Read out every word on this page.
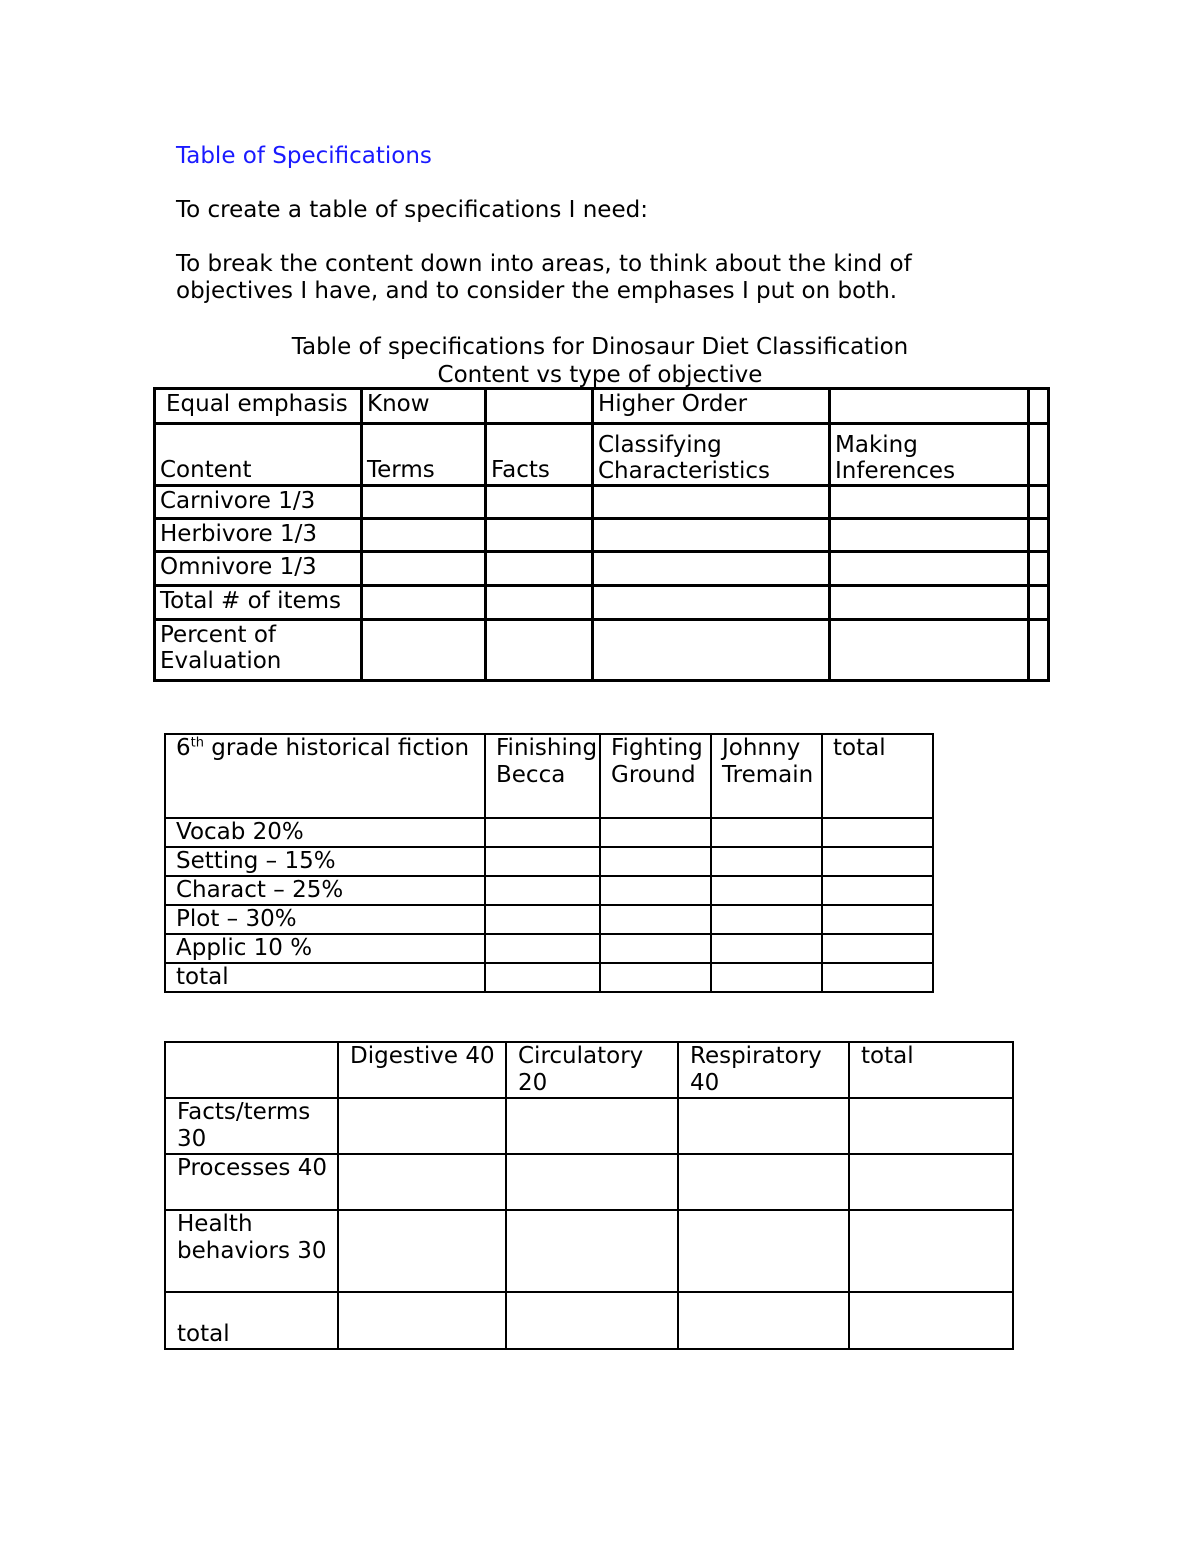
Table of Specifications
To create a table of specifications I need:
To break the content down into areas, to think about the kind of objectives I have, and to consider the emphases I put on both.
Table of specifications for Dinosaur Diet Classification
Content vs type of objective
Equal emphasis	Know		Higher Order		
Content	Terms	Facts	Classifying Characteristics	Making Inferences	
Carnivore 1/3					
Herbivore 1/3					
Omnivore 1/3					
Total # of items					
Percent of Evaluation					
6th grade historical fiction	Finishing Becca	Fighting Ground	Johnny Tremain	total
Vocab 20%				
Setting – 15%				
Charact – 25%				
Plot – 30%				
Applic 10 %				
total				
	Digestive 40	Circulatory 20	Respiratory 40	total
Facts/terms 30				
Processes 40				
Health behaviors 30				
total				
